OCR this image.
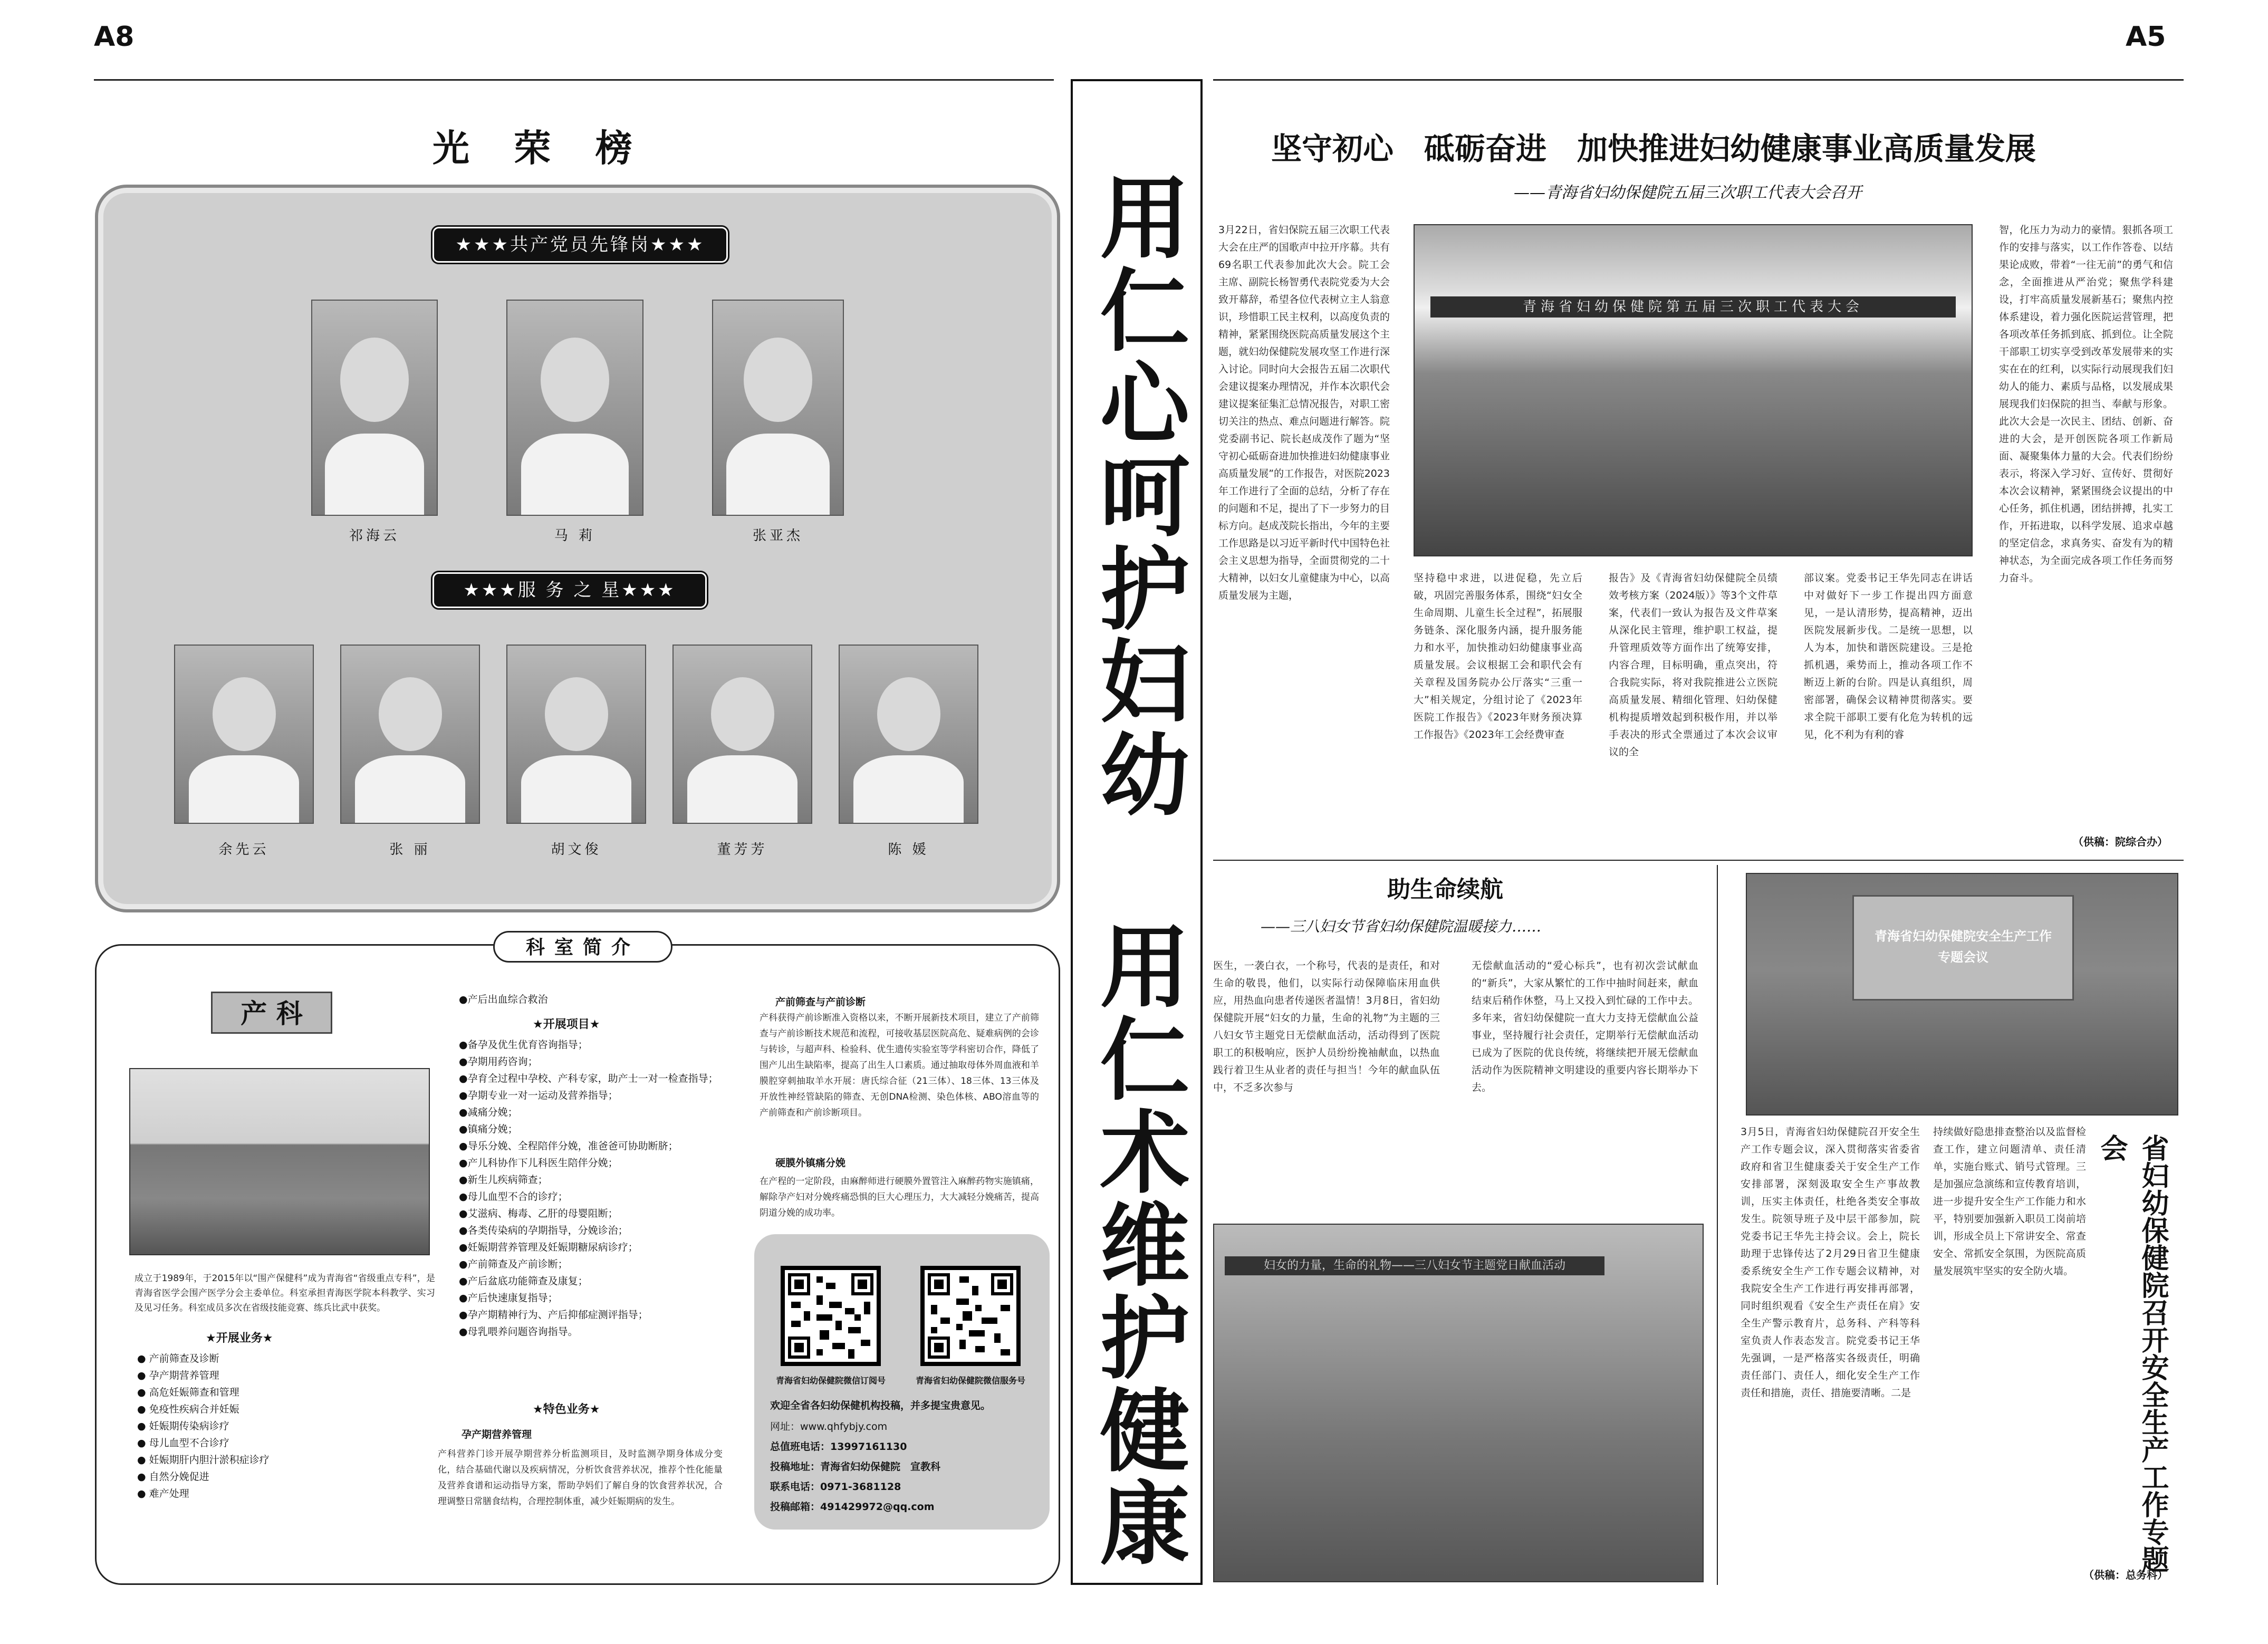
A8	A5
光 荣 榜
★★★共产党员先锋岗★★★
祁海云	马 莉	张亚杰
★★★服 务 之 星★★★
余先云	张 丽	胡文俊	董芳芳	陈 媛
科室简介
产 科
成立于1989年，于2015年以“围产保健科”成为青海省“省级重点专科”，是青海省医学会围产医学分会主委单位。科室承担青海医学院本科教学、实习及见习任务。科室成员多次在省级技能竞赛、练兵比武中获奖。
★开展业务★
● 产前筛查及诊断
● 孕产期营养管理
● 高危妊娠筛查和管理
● 免疫性疾病合并妊娠
● 妊娠期传染病诊疗
● 母儿血型不合诊疗
● 妊娠期肝内胆汁淤积症诊疗
● 自然分娩促进
● 难产处理
●产后出血综合救治
★开展项目★
●备孕及优生优育咨询指导；
●孕期用药咨询；
●孕育全过程中孕校、产科专家，助产士一对一检查指导；
●孕期专业一对一运动及营养指导；
●减痛分娩；
●镇痛分娩；
●导乐分娩、全程陪伴分娩，准爸爸可协助断脐；
●产儿科协作下儿科医生陪伴分娩；
●新生儿疾病筛查；
●母儿血型不合的诊疗；
●艾滋病、梅毒、乙肝的母婴阻断；
●各类传染病的孕期指导，分娩诊治；
●妊娠期营养管理及妊娠期糖尿病诊疗；
●产前筛查及产前诊断；
●产后盆底功能筛查及康复；
●产后快速康复指导；
●孕产期精神行为、产后抑郁症测评指导；
●母乳喂养问题咨询指导。
★特色业务★
孕产期营养管理
产科营养门诊开展孕期营养分析监测项目，及时监测孕期身体成分变化，结合基础代谢以及疾病情况，分析饮食营养状况，推荐个性化能量及营养食谱和运动指导方案，帮助孕妈们了解自身的饮食营养状况，合理调整日常膳食结构，合理控制体重，减少妊娠期病的发生。
产前筛查与产前诊断
产科获得产前诊断准入资格以来，不断开展新技术项目，建立了产前筛查与产前诊断技术规范和流程，可接收基层医院高危、疑难病例的会诊与转诊，与超声科、检验科、优生遗传实验室等学科密切合作，降低了围产儿出生缺陷率，提高了出生人口素质。通过抽取母体外周血液和羊膜腔穿刺抽取羊水开展：唐氏综合征（21三体）、18三体、13三体及开放性神经管缺陷的筛查、无创DNA检测、染色体核、ABO溶血等的产前筛查和产前诊断项目。
硬膜外镇痛分娩
在产程的一定阶段，由麻醉师进行硬膜外置管注入麻醉药物实施镇痛，解除孕产妇对分娩疼痛恐惧的巨大心理压力，大大减轻分娩痛苦，提高阴道分娩的成功率。
青海省妇幼保健院微信订阅号	青海省妇幼保健院微信服务号
欢迎全省各妇幼保健机构投稿，并多提宝贵意见。
网址：www.qhfybjy.com
总值班电话：13997161130
投稿地址：青海省妇幼保健院　宣教科
联系电话：0971-3681128
投稿邮箱：491429972@qq.com
用仁心呵护妇幼
用仁术维护健康
坚守初心　砥砺奋进　加快推进妇幼健康事业高质量发展
——青海省妇幼保健院五届三次职工代表大会召开
3月22日，省妇保院五届三次职工代表大会在庄严的国歌声中拉开序幕。共有69名职工代表参加此次大会。院工会主席、副院长杨智勇代表院党委为大会致开幕辞，希望各位代表树立主人翁意识，珍惜职工民主权利，以高度负责的精神，紧紧围绕医院高质量发展这个主题，就妇幼保健院发展攻坚工作进行深入讨论。同时向大会报告五届二次职代会建议提案办理情况，并作本次职代会建议提案征集汇总情况报告，对职工密切关注的热点、难点问题进行解答。院党委副书记、院长赵成茂作了题为“坚守初心砥砺奋进加快推进妇幼健康事业高质量发展”的工作报告，对医院2023年工作进行了全面的总结，分析了存在的问题和不足，提出了下一步努力的目标方向。赵成茂院长指出，今年的主要工作思路是以习近平新时代中国特色社会主义思想为指导，全面贯彻党的二十大精神，以妇女儿童健康为中心，以高质量发展为主题，
青海省妇幼保健院第五届三次职工代表大会
坚持稳中求进，以进促稳，先立后破，巩固完善服务体系，围绕“妇女全生命周期、儿童生长全过程”，拓展服务链条、深化服务内涵，提升服务能力和水平，加快推动妇幼健康事业高质量发展。会议根据工会和职代会有关章程及国务院办公厅落实“三重一大”相关规定，分组讨论了《2023年医院工作报告》《2023年财务预决算工作报告》《2023年工会经费审查
报告》及《青海省妇幼保健院全员绩效考核方案（2024版）》等3个文件草案，代表们一致认为报告及文件草案从深化民主管理，维护职工权益，提升管理质效等方面作出了统筹安排，内容合理，目标明确，重点突出，符合我院实际，将对我院推进公立医院高质量发展、精细化管理、妇幼保健机构提质增效起到积极作用，并以举手表决的形式全票通过了本次会议审议的全
部议案。党委书记王华先同志在讲话中对做好下一步工作提出四方面意见，一是认清形势，提高精神，迈出医院发展新步伐。二是统一思想，以人为本，加快和谐医院建设。三是抢抓机遇，乘势而上，推动各项工作不断迈上新的台阶。四是认真组织，周密部署，确保会议精神贯彻落实。要求全院干部职工要有化危为转机的远见，化不利为有利的睿
智，化压力为动力的豪情。狠抓各项工作的安排与落实，以工作作答卷、以结果论成败，带着“一往无前”的勇气和信念，全面推进从严治党；聚焦学科建设，打牢高质量发展新基石；聚焦内控体系建设，着力强化医院运营管理，把各项改革任务抓到底、抓到位。让全院干部职工切实享受到改革发展带来的实实在在的红利，以实际行动展现我们妇幼人的能力、素质与品格，以发展成果展现我们妇保院的担当、奉献与形象。此次大会是一次民主、团结、创新、奋进的大会，是开创医院各项工作新局面、凝聚集体力量的大会。代表们纷纷表示，将深入学习好、宣传好、贯彻好本次会议精神，紧紧围绕会议提出的中心任务，抓住机遇，团结拼搏，扎实工作，开拓进取，以科学发展、追求卓越的坚定信念，求真务实、奋发有为的精神状态，为全面完成各项工作任务而努力奋斗。
（供稿：院综合办）
助生命续航
——三八妇女节省妇幼保健院温暖接力……
医生，一袭白衣，一个称号，代表的是责任，和对生命的敬畏，他们，以实际行动保障临床用血供应，用热血向患者传递医者温情！3月8日，省妇幼保健院开展“妇女的力量，生命的礼物”为主题的三八妇女节主题党日无偿献血活动，活动得到了医院职工的积极响应，医护人员纷纷挽袖献血，以热血践行着卫生从业者的责任与担当！今年的献血队伍中，不乏多次参与
无偿献血活动的“爱心标兵”，也有初次尝试献血的“新兵”，大家从繁忙的工作中抽时间赶来，献血结束后稍作休整，马上又投入到忙碌的工作中去。多年来，省妇幼保健院一直大力支持无偿献血公益事业，坚持履行社会责任，定期举行无偿献血活动已成为了医院的优良传统，将继续把开展无偿献血活动作为医院精神文明建设的重要内容长期举办下去。
妇女的力量，生命的礼物——三八妇女节主题党日献血活动
青海省妇幼保健院安全生产工作专题会议
省妇幼保健院召开安全生产工作专题会
3月5日，青海省妇幼保健院召开安全生产工作专题会议，深入贯彻落实省委省政府和省卫生健康委关于安全生产工作安排部署，深刻汲取安全生产事故教训，压实主体责任，杜绝各类安全事故发生。院领导班子及中层干部参加，院党委书记王华先主持会议。会上，院长助理于忠锋传达了2月29日省卫生健康委系统安全生产工作专题会议精神，对我院安全生产工作进行再安排再部署，同时组织观看《安全生产责任在肩》安全生产警示教育片，总务科、产科等科室负责人作表态发言。院党委书记王华先强调，一是严格落实各级责任，明确责任部门、责任人，细化安全生产工作责任和措施，责任、措施要清晰。二是
持续做好隐患排查整治以及监督检查工作，建立问题清单、责任清单，实施台账式、销号式管理。三是加强应急演练和宣传教育培训，进一步提升安全生产工作能力和水平，特别要加强新入职员工岗前培训，形成全员上下常讲安全、常查安全、常抓安全氛围，为医院高质量发展筑牢坚实的安全防火墙。
（供稿：总务科）
